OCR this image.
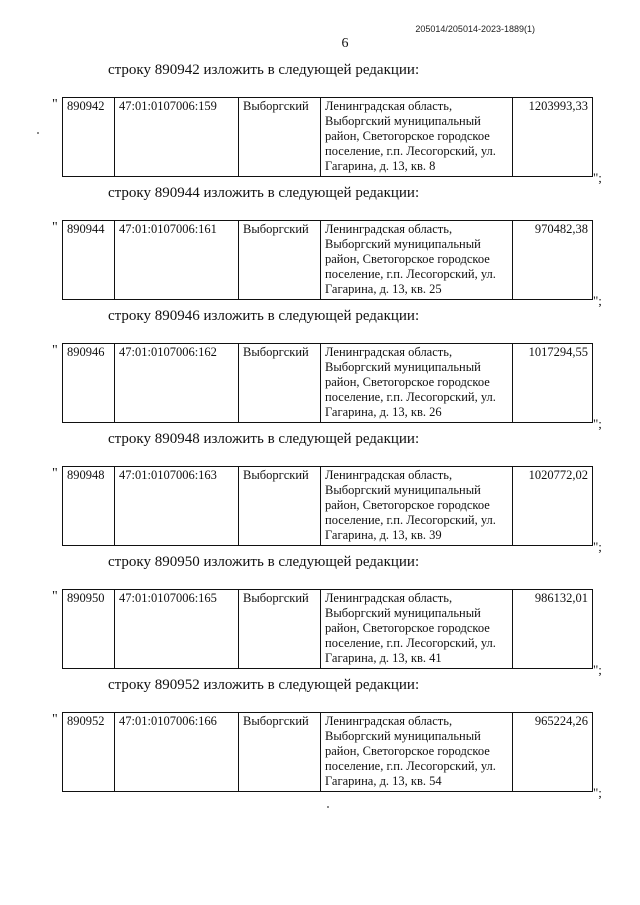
205014/205014-2023-1889(1)
6
строку 890942 изложить в следующей редакции:
" 890942	47:01:0107006:159	Выборгский	Ленинградская область, Выборгский муниципальный район, Светогорское городское поселение, г.п. Лесогорский, ул. Гагарина, д. 13, кв. 8	1203993,33
";
строку 890944 изложить в следующей редакции:
" 890944	47:01:0107006:161	Выборгский	Ленинградская область, Выборгский муниципальный район, Светогорское городское поселение, г.п. Лесогорский, ул. Гагарина, д. 13, кв. 25	970482,38
";
строку 890946 изложить в следующей редакции:
" 890946	47:01:0107006:162	Выборгский	Ленинградская область, Выборгский муниципальный район, Светогорское городское поселение, г.п. Лесогорский, ул. Гагарина, д. 13, кв. 26	1017294,55
";
строку 890948 изложить в следующей редакции:
" 890948	47:01:0107006:163	Выборгский	Ленинградская область, Выборгский муниципальный район, Светогорское городское поселение, г.п. Лесогорский, ул. Гагарина, д. 13, кв. 39	1020772,02
";
строку 890950 изложить в следующей редакции:
" 890950	47:01:0107006:165	Выборгский	Ленинградская область, Выборгский муниципальный район, Светогорское городское поселение, г.п. Лесогорский, ул. Гагарина, д. 13, кв. 41	986132,01
";
строку 890952 изложить в следующей редакции:
" 890952	47:01:0107006:166	Выборгский	Ленинградская область, Выборгский муниципальный район, Светогорское городское поселение, г.п. Лесогорский, ул. Гагарина, д. 13, кв. 54	965224,26
";
